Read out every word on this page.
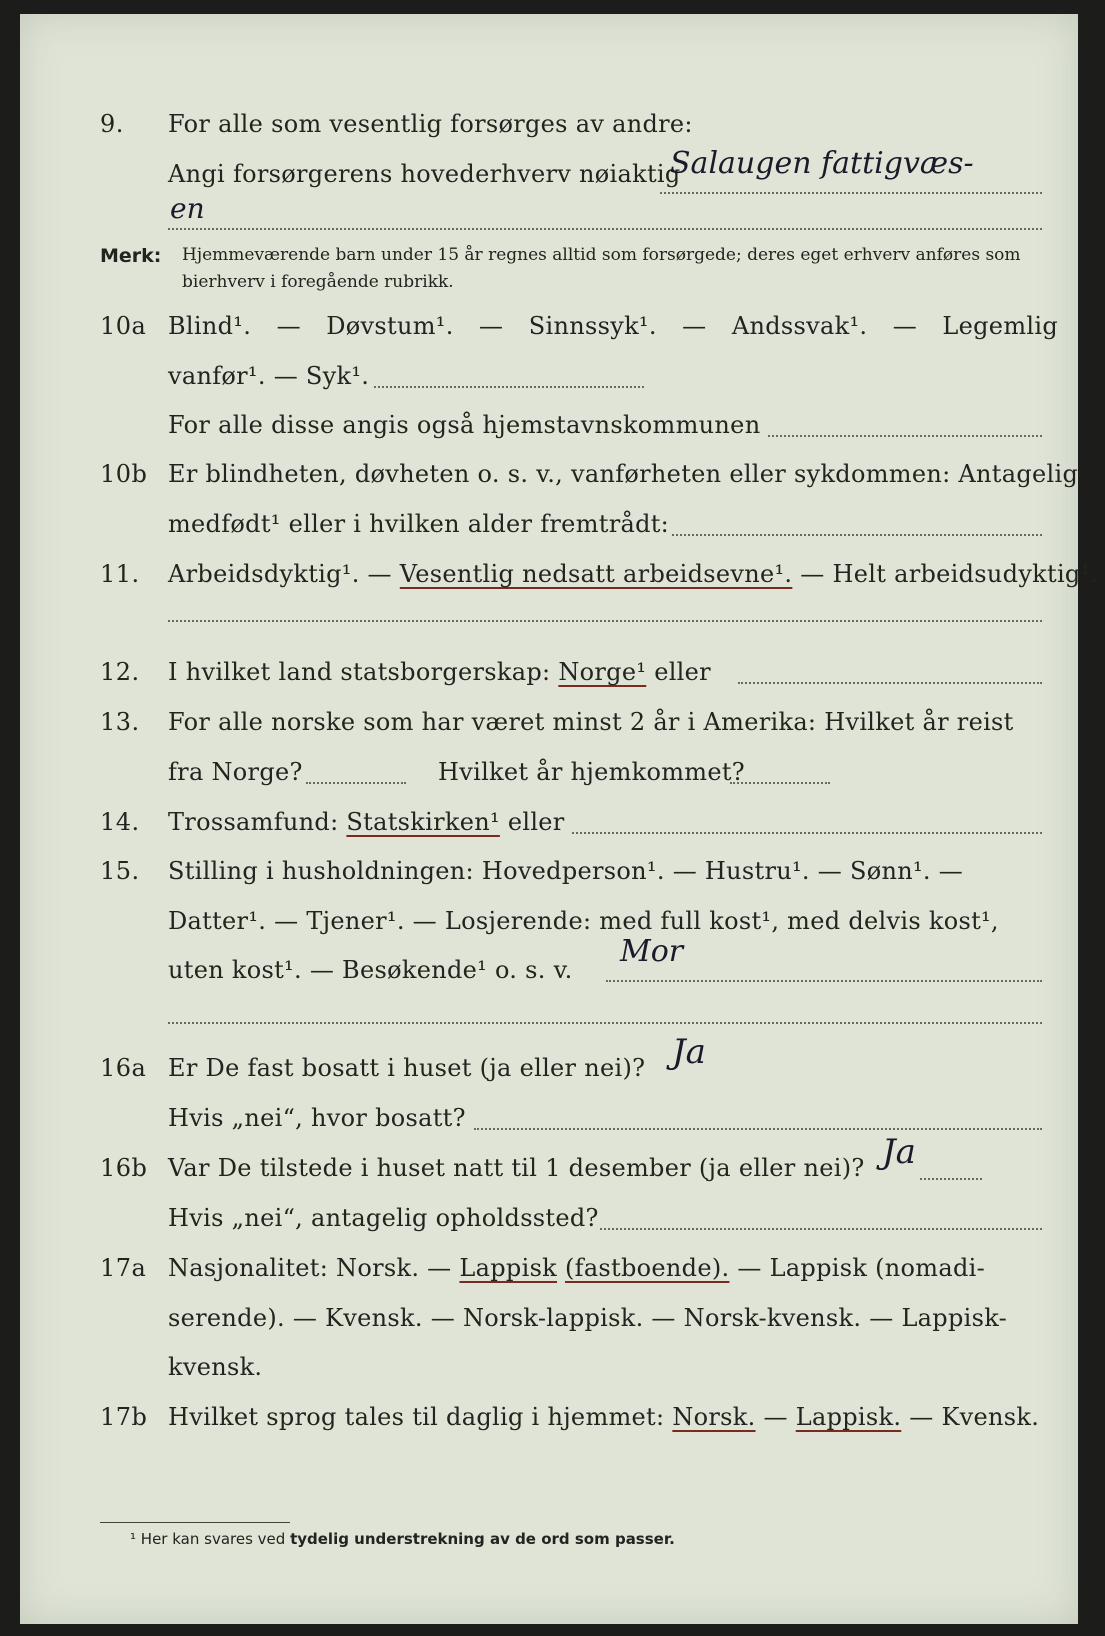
9. For alle som vesentlig forsørges av andre:
Angi forsørgerens hovederhverv nøiaktig
Salaugen fattigvæs-
en
Merk: Hjemmeværende barn under 15 år regnes alltid som forsørgede; deres eget erhverv anføres som bierhverv i foregående rubrikk.
10a Blind¹. — Døvstum¹. — Sinnssyk¹. — Andssvak¹. — Legemlig
vanfør¹. — Syk¹.
For alle disse angis også hjemstavnskommunen
10b Er blindheten, døvheten o. s. v., vanførheten eller sykdommen: Antagelig
medfødt¹ eller i hvilken alder fremtrådt:
11. Arbeidsdyktig¹. — Vesentlig nedsatt arbeidsevne¹. — Helt arbeidsudyktig¹.
12. I hvilket land statsborgerskap: Norge¹ eller
13. For alle norske som har været minst 2 år i Amerika: Hvilket år reist
fra Norge?	Hvilket år hjemkommet?
14. Trossamfund: Statskirken¹ eller
15. Stilling i husholdningen: Hovedperson¹. — Hustru¹. — Sønn¹. —
Datter¹. — Tjener¹. — Losjerende: med full kost¹, med delvis kost¹,
uten kost¹. — Besøkende¹ o. s. v.
Mor
16a Er De fast bosatt i huset (ja eller nei)? Ja
Hvis „nei“, hvor bosatt?
16b Var De tilstede i huset natt til 1 desember (ja eller nei)? Ja
Hvis „nei“, antagelig opholdssted?
17a Nasjonalitet: Norsk. — Lappisk (fastboende). — Lappisk (nomadi-
serende). — Kvensk. — Norsk-lappisk. — Norsk-kvensk. — Lappisk-
kvensk.
17b Hvilket sprog tales til daglig i hjemmet: Norsk. — Lappisk. — Kvensk.
¹ Her kan svares ved tydelig understrekning av de ord som passer.
